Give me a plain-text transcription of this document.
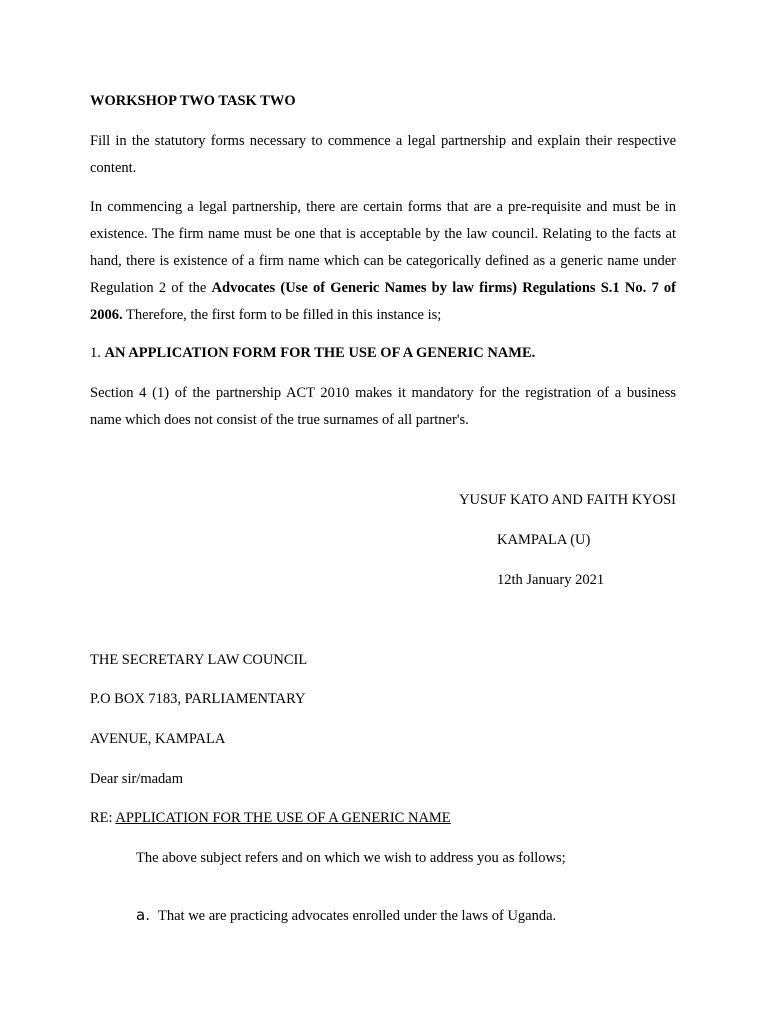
WORKSHOP TWO TASK TWO

Fill in the statutory forms necessary to commence a legal partnership and explain their respective content.

In commencing a legal partnership, there are certain forms that are a pre-requisite and must be in existence. The firm name must be one that is acceptable by the law council. Relating to the facts at hand, there is existence of a firm name which can be categorically defined as a generic name under Regulation 2 of the Advocates (Use of Generic Names by law firms) Regulations S.1 No. 7 of 2006. Therefore, the first form to be filled in this instance is;

1. AN APPLICATION FORM FOR THE USE OF A GENERIC NAME.

Section 4 (1) of the partnership ACT 2010 makes it mandatory for the registration of a business name which does not consist of the true surnames of all partner's.

YUSUF KATO AND FAITH KYOSI
KAMPALA (U)
12th January 2021
THE SECRETARY LAW COUNCIL
P.O BOX 7183, PARLIAMENTARY
AVENUE, KAMPALA
Dear sir/madam
RE: APPLICATION FOR THE USE OF A GENERIC NAME
The above subject refers and on which we wish to address you as follows;
a. That we are practicing advocates enrolled under the laws of Uganda.
